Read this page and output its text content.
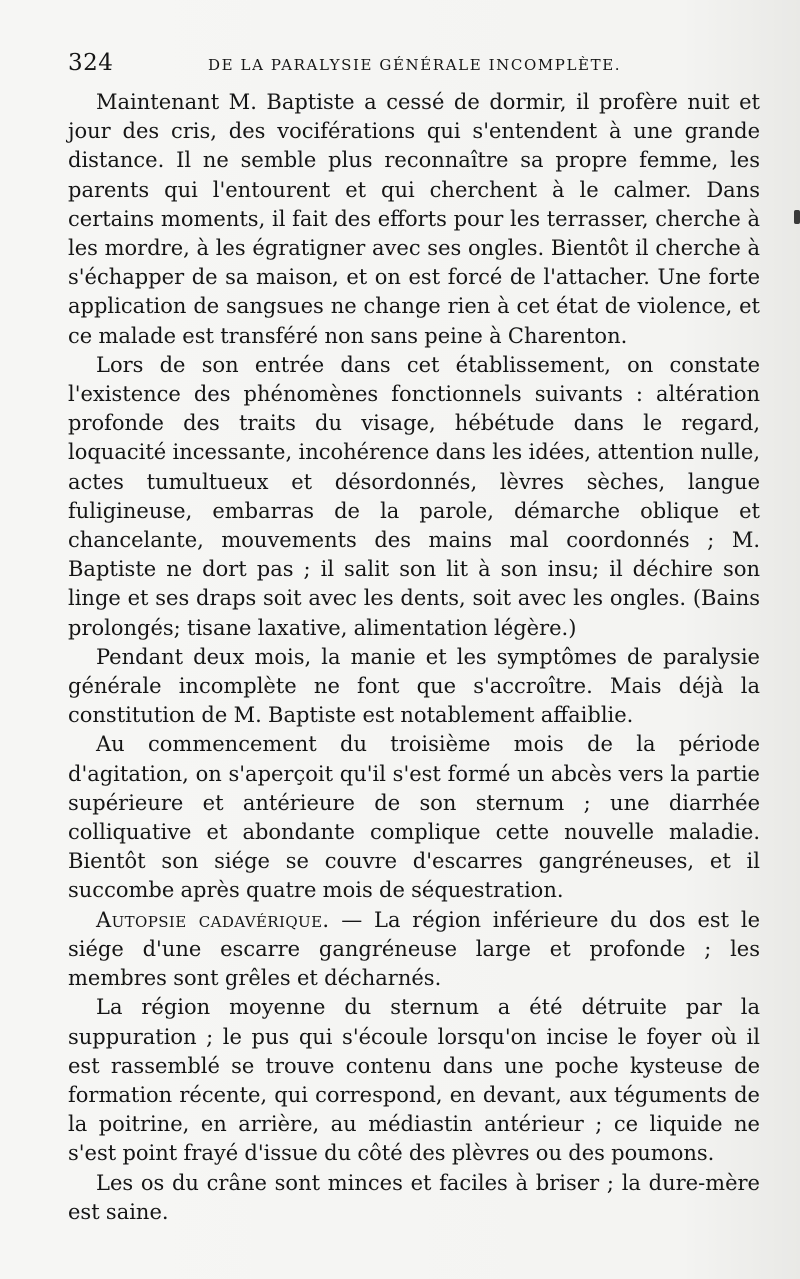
324	DE LA PARALYSIE GÉNÉRALE INCOMPLÈTE.

Maintenant M. Baptiste a cessé de dormir, il profère nuit et jour des cris, des vociférations qui s'entendent à une grande distance. Il ne semble plus reconnaître sa propre femme, les parents qui l'entourent et qui cherchent à le calmer. Dans certains moments, il fait des efforts pour les terrasser, cherche à les mordre, à les égratigner avec ses ongles. Bientôt il cherche à s'échapper de sa maison, et on est forcé de l'attacher. Une forte application de sangsues ne change rien à cet état de violence, et ce malade est transféré non sans peine à Charenton.

Lors de son entrée dans cet établissement, on constate l'existence des phénomènes fonctionnels suivants : altération profonde des traits du visage, hébétude dans le regard, loquacité incessante, incohérence dans les idées, attention nulle, actes tumultueux et désordonnés, lèvres sèches, langue fuligineuse, embarras de la parole, démarche oblique et chancelante, mouvements des mains mal coordonnés ; M. Baptiste ne dort pas ; il salit son lit à son insu; il déchire son linge et ses draps soit avec les dents, soit avec les ongles. (Bains prolongés; tisane laxative, alimentation légère.)

Pendant deux mois, la manie et les symptômes de paralysie générale incomplète ne font que s'accroître. Mais déjà la constitution de M. Baptiste est notablement affaiblie.

Au commencement du troisième mois de la période d'agitation, on s'aperçoit qu'il s'est formé un abcès vers la partie supérieure et antérieure de son sternum ; une diarrhée colliquative et abondante complique cette nouvelle maladie. Bientôt son siége se couvre d'escarres gangréneuses, et il succombe après quatre mois de séquestration.

Autopsie cadavérique. — La région inférieure du dos est le siége d'une escarre gangréneuse large et profonde ; les membres sont grêles et décharnés.

La région moyenne du sternum a été détruite par la suppuration ; le pus qui s'écoule lorsqu'on incise le foyer où il est rassemblé se trouve contenu dans une poche kysteuse de formation récente, qui correspond, en devant, aux téguments de la poitrine, en arrière, au médiastin antérieur ; ce liquide ne s'est point frayé d'issue du côté des plèvres ou des poumons.

Les os du crâne sont minces et faciles à briser ; la dure-mère est saine.
